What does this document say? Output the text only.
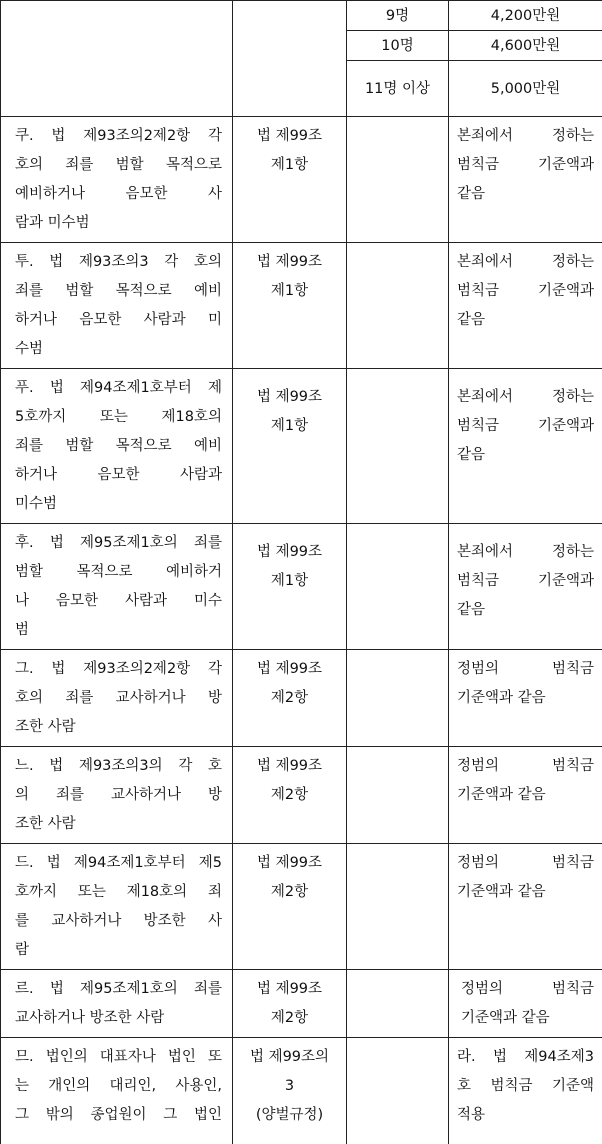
		9명	4,200만원
		10명	4,600만원
		11명 이상	5,000만원

쿠. 법 제93조의2제2항 각
호의 죄를 범할 목적으로
예비하거나 음모한 사
람과 미수범	법 제99조
제1항		본죄에서 정하는
범칙금 기준액과
같음

투. 법 제93조의3 각 호의
죄를 범할 목적으로 예비
하거나 음모한 사람과 미
수범	법 제99조
제1항		본죄에서 정하는
범칙금 기준액과
같음

푸. 법 제94조제1호부터 제
5호까지 또는 제18호의
죄를 범할 목적으로 예비
하거나 음모한 사람과
미수범	법 제99조
제1항		본죄에서 정하는
범칙금 기준액과
같음

후. 법 제95조제1호의 죄를
범할 목적으로 예비하거
나 음모한 사람과 미수
범	법 제99조
제1항		본죄에서 정하는
범칙금 기준액과
같음

그. 법 제93조의2제2항 각
호의 죄를 교사하거나 방
조한 사람	법 제99조
제2항		정범의 범칙금
기준액과 같음

느. 법 제93조의3의 각 호
의 죄를 교사하거나 방
조한 사람	법 제99조
제2항		정범의 범칙금
기준액과 같음

드. 법 제94조제1호부터 제5
호까지 또는 제18호의 죄
를 교사하거나 방조한 사
람	법 제99조
제2항		정범의 범칙금
기준액과 같음

르. 법 제95조제1호의 죄를
교사하거나 방조한 사람	법 제99조
제2항		정범의 범칙금
기준액과 같음

므. 법인의 대표자나 법인 또
는 개인의 대리인, 사용인,
그 밖의 종업원이 그 법인	법 제99조의
3
(양벌규정)		라. 법 제94조제3
호 범칙금 기준액
적용
